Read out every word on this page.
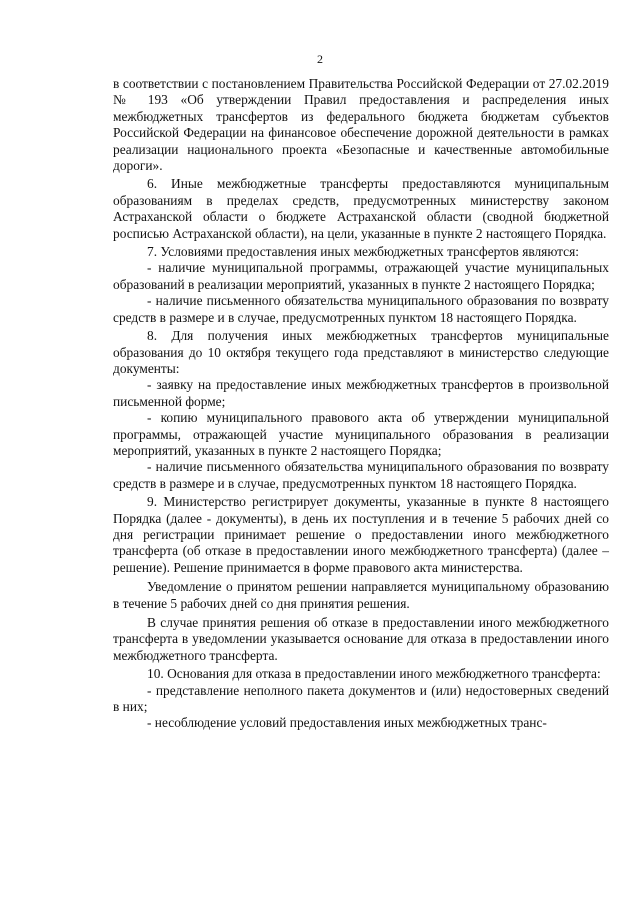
2

в соответствии с постановлением Правительства Российской Федерации от 27.02.2019 № 193 «Об утверждении Правил предоставления и распределения иных межбюджетных трансфертов из федерального бюджета бюджетам субъектов Российской Федерации на финансовое обеспечение дорожной деятельности в рамках реализации национального проекта «Безопасные и качественные автомобильные дороги».

6. Иные межбюджетные трансферты предоставляются муниципальным образованиям в пределах средств, предусмотренных министерству законом Астраханской области о бюджете Астраханской области (сводной бюджетной росписью Астраханской области), на цели, указанные в пункте 2 настоящего Порядка.

7. Условиями предоставления иных межбюджетных трансфертов являются:

- наличие муниципальной программы, отражающей участие муниципальных образований в реализации мероприятий, указанных в пункте 2 настоящего Порядка;

- наличие письменного обязательства муниципального образования по возврату средств в размере и в случае, предусмотренных пунктом 18 настоящего Порядка.

8. Для получения иных межбюджетных трансфертов муниципальные образования до 10 октября текущего года представляют в министерство следующие документы:

- заявку на предоставление иных межбюджетных трансфертов в произвольной письменной форме;

- копию муниципального правового акта об утверждении муниципальной программы, отражающей участие муниципального образования в реализации мероприятий, указанных в пункте 2 настоящего Порядка;

- наличие письменного обязательства муниципального образования по возврату средств в размере и в случае, предусмотренных пунктом 18 настоящего Порядка.

9. Министерство регистрирует документы, указанные в пункте 8 настоящего Порядка (далее - документы), в день их поступления и в течение 5 рабочих дней со дня регистрации принимает решение о предоставлении иного межбюджетного трансферта (об отказе в предоставлении иного межбюджетного трансферта) (далее – решение). Решение принимается в форме правового акта министерства.

Уведомление о принятом решении направляется муниципальному образованию в течение 5 рабочих дней со дня принятия решения.

В случае принятия решения об отказе в предоставлении иного межбюджетного трансферта в уведомлении указывается основание для отказа в предоставлении иного межбюджетного трансферта.

10. Основания для отказа в предоставлении иного межбюджетного трансферта:

- представление неполного пакета документов и (или) недостоверных сведений в них;

- несоблюдение условий предоставления иных межбюджетных транс-
